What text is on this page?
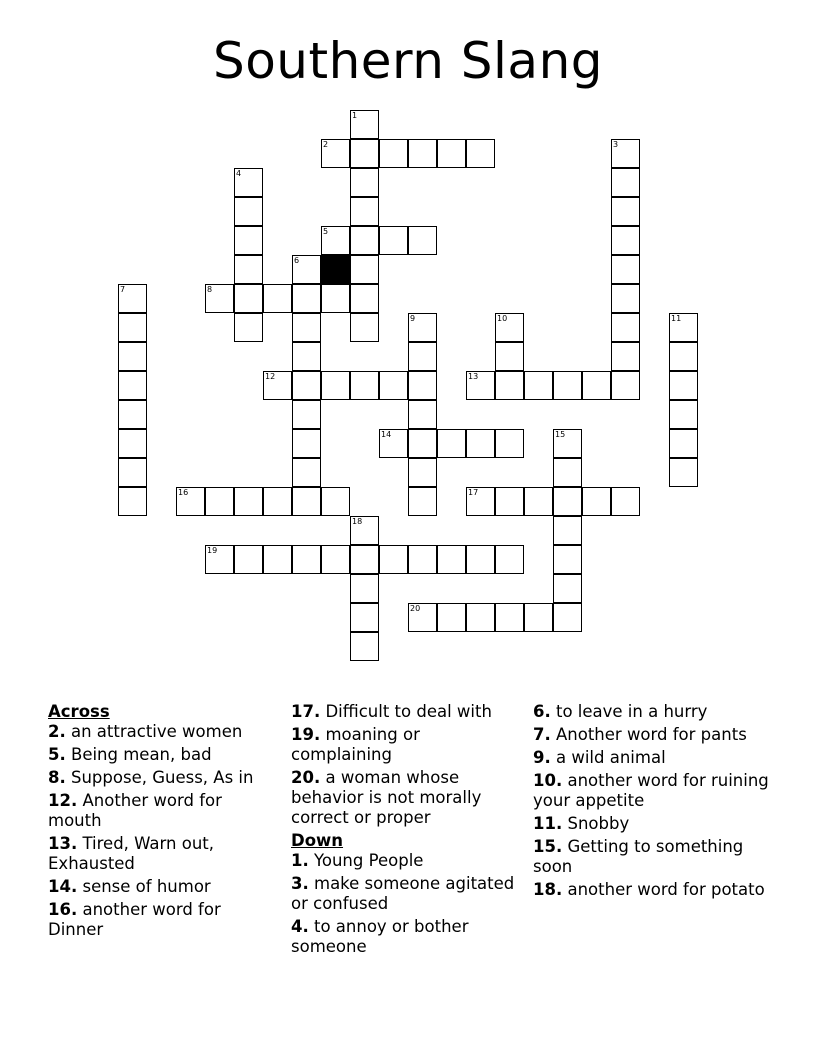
Southern Slang
1
2	3
4
5
6
7	8
9	10	11
12	13
14	15
16	17
18
19
20
Across
2. an attractive women
5. Being mean, bad
8. Suppose, Guess, As in
12. Another word for mouth
13. Tired, Warn out, Exhausted
14. sense of humor
16. another word for Dinner
17. Difficult to deal with
19. moaning or complaining
20. a woman whose behavior is not morally correct or proper
Down
1. Young People
3. make someone agitated or confused
4. to annoy or bother someone
6. to leave in a hurry
7. Another word for pants
9. a wild animal
10. another word for ruining your appetite
11. Snobby
15. Getting to something soon
18. another word for potato
